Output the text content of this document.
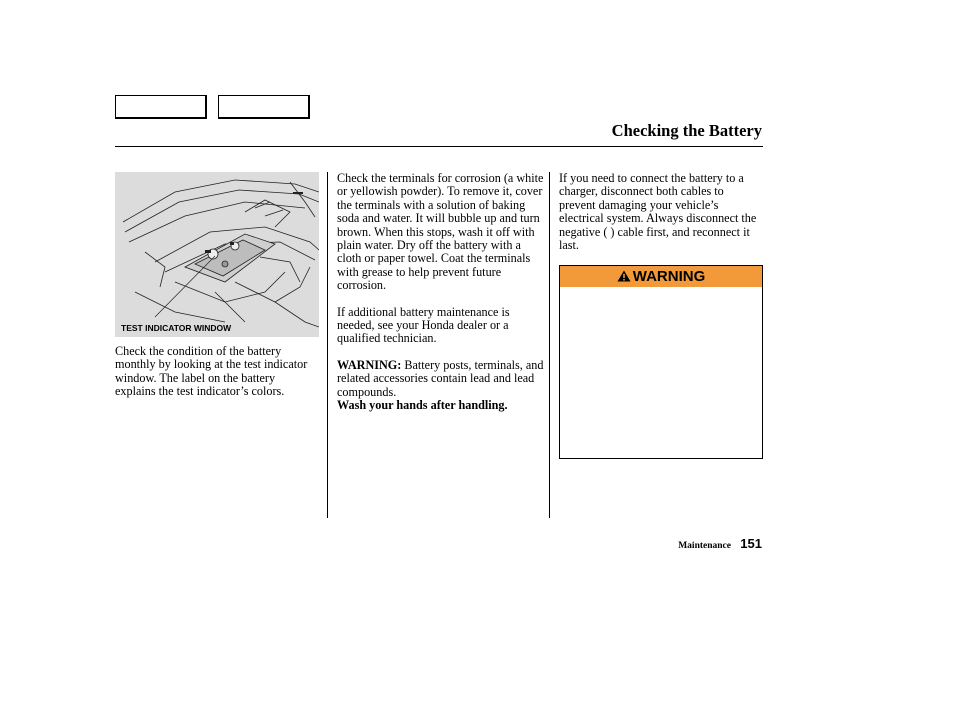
Checking the Battery
TEST INDICATOR WINDOW

Check the condition of the battery monthly by looking at the test indicator window. The label on the battery explains the test indicator’s colors.

Check the terminals for corrosion (a white or yellowish powder). To remove it, cover the terminals with a solution of baking soda and water. It will bubble up and turn brown. When this stops, wash it off with plain water. Dry off the battery with a cloth or paper towel. Coat the terminals with grease to help prevent future corrosion.

If additional battery maintenance is needed, see your Honda dealer or a qualified technician.

WARNING: Battery posts, terminals, and related accessories contain lead and lead compounds.
Wash your hands after handling.

If you need to connect the battery to a charger, disconnect both cables to prevent damaging your vehicle’s electrical system. Always disconnect the negative ( ) cable first, and reconnect it last.

WARNING
Maintenance 151
